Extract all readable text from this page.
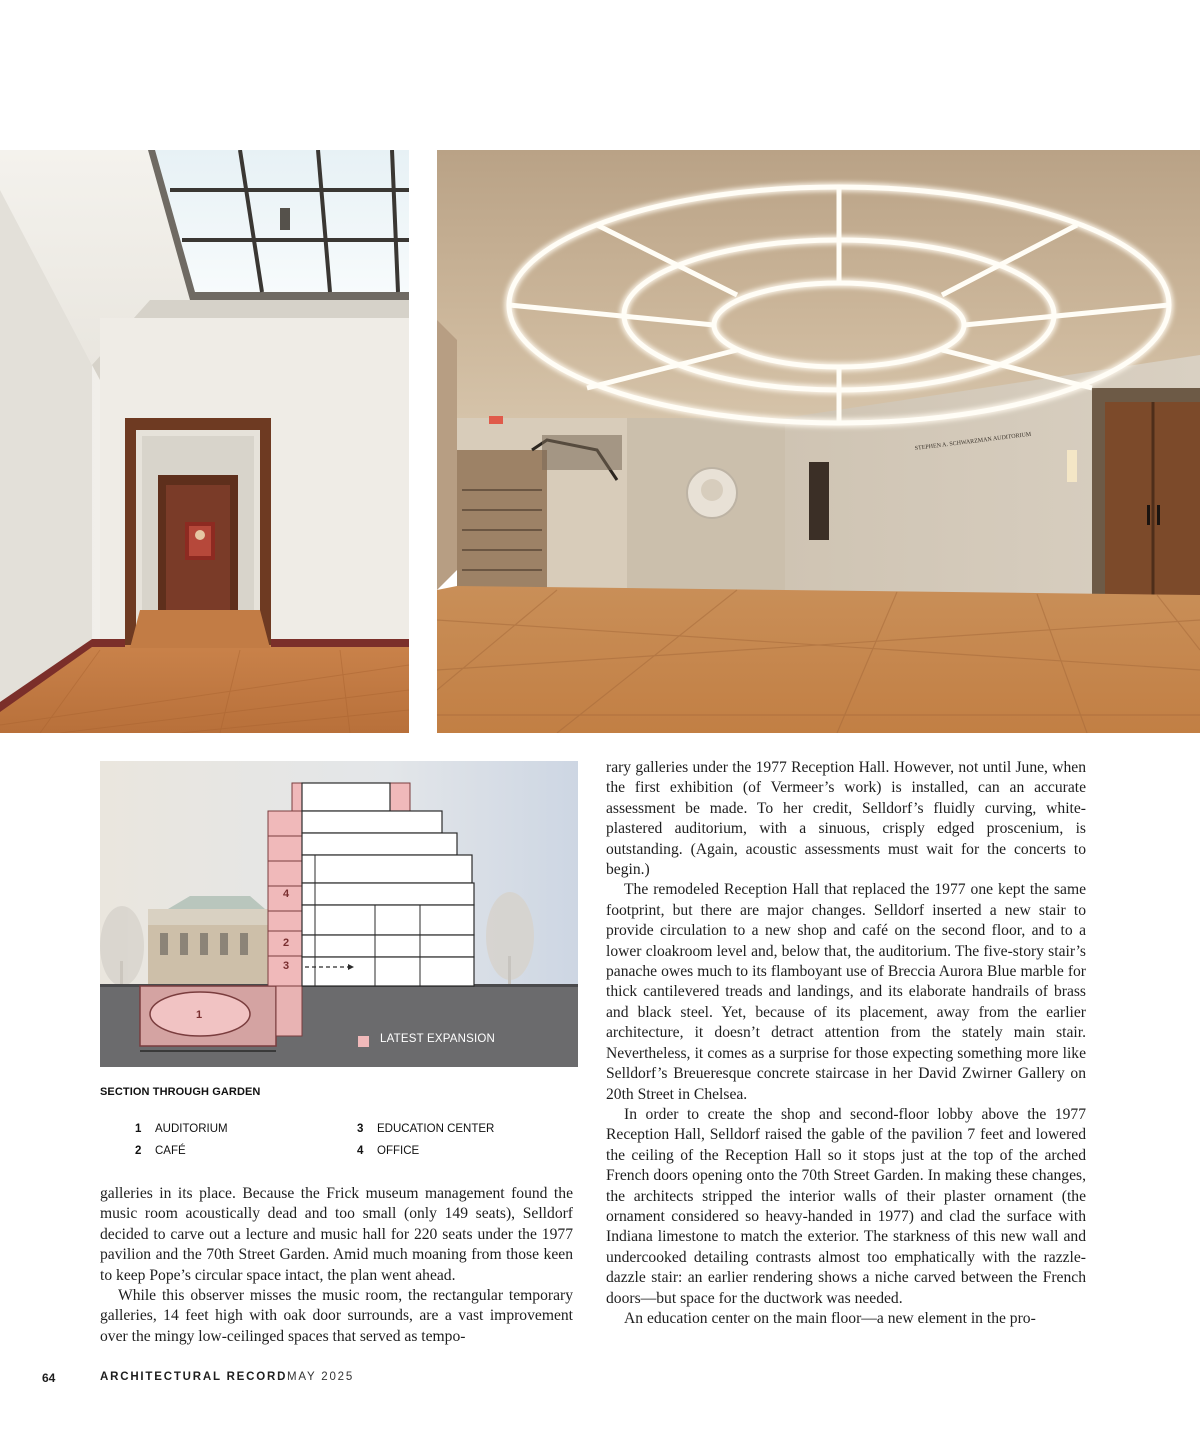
STEPHEN A. SCHWARZMAN AUDITORIUM
4
2
3
1
LATEST EXPANSION
SECTION THROUGH GARDEN
1 AUDITORIUM
2 CAFÉ
3 EDUCATION CENTER
4 OFFICE

galleries in its place. Because the Frick museum management found the music room acoustically dead and too small (only 149 seats), Selldorf decided to carve out a lecture and music hall for 220 seats under the 1977 pavilion and the 70th Street Garden. Amid much moaning from those keen to keep Pope’s circular space intact, the plan went ahead.

While this observer misses the music room, the rectangular temporary galleries, 14 feet high with oak door surrounds, are a vast improvement over the mingy low-ceilinged spaces that served as tempo-

rary galleries under the 1977 Reception Hall. However, not until June, when the first exhibition (of Vermeer’s work) is installed, can an accurate assessment be made. To her credit, Selldorf’s fluidly curving, white-plastered auditorium, with a sinuous, crisply edged proscenium, is outstanding. (Again, acoustic assessments must wait for the concerts to begin.)

The remodeled Reception Hall that replaced the 1977 one kept the same footprint, but there are major changes. Selldorf inserted a new stair to provide circulation to a new shop and café on the second floor, and to a lower cloakroom level and, below that, the auditorium. The five-story stair’s panache owes much to its flamboyant use of Breccia Aurora Blue marble for thick cantilevered treads and landings, and its elaborate handrails of brass and black steel. Yet, because of its placement, away from the earlier architecture, it doesn’t detract attention from the stately main stair. Nevertheless, it comes as a surprise for those expecting something more like Selldorf’s Breueresque concrete staircase in her David Zwirner Gallery on 20th Street in Chelsea.

In order to create the shop and second-floor lobby above the 1977 Reception Hall, Selldorf raised the gable of the pavilion 7 feet and lowered the ceiling of the Reception Hall so it stops just at the top of the arched French doors opening onto the 70th Street Garden. In making these changes, the architects stripped the interior walls of their plaster ornament (the ornament considered so heavy-handed in 1977) and clad the surface with Indiana limestone to match the exterior. The starkness of this new wall and undercooked detailing contrasts almost too emphatically with the razzle-dazzle stair: an earlier rendering shows a niche carved between the French doors—but space for the ductwork was needed.

An education center on the main floor—a new element in the pro-

64	ARCHITECTURAL RECORD MAY 2025
